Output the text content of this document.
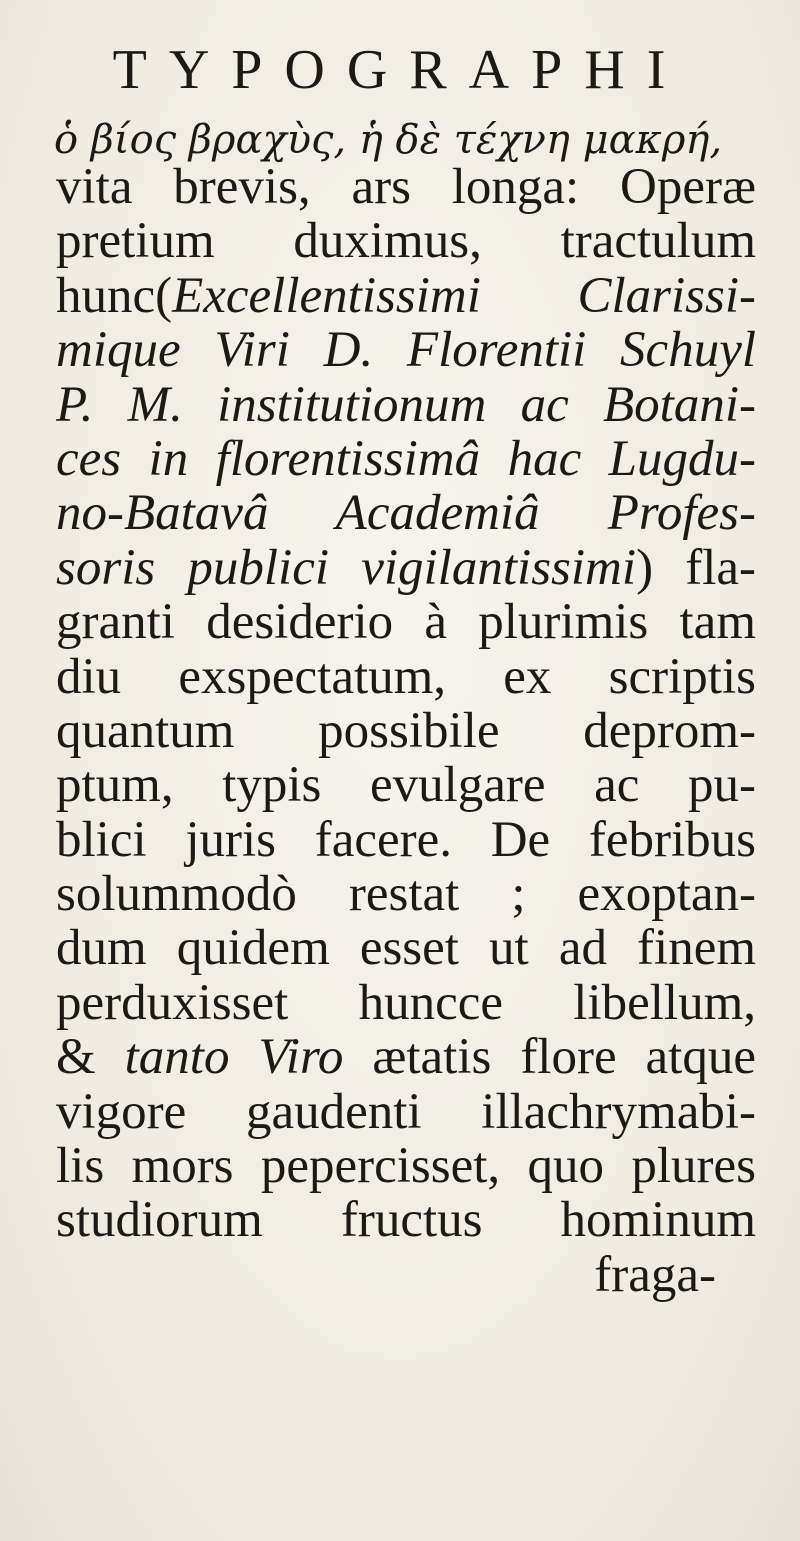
TYPOGRAPHI
ὁ βίος βραχὺς, ἡ δὲ τέχνη μακρή,
vita brevis, ars longa: Operæ
pretium duximus, tractulum
hunc(Excellentissimi Clarissi-
mique Viri D. Florentii Schuyl
P. M. institutionum ac Botani-
ces in florentissimâ hac Lugdu-
no-Batavâ Academiâ Profes-
soris publici vigilantissimi) fla-
granti desiderio à plurimis tam
diu exspectatum, ex scriptis
quantum possibile deprom-
ptum, typis evulgare ac pu-
blici juris facere. De febribus
solummodò restat ; exoptan-
dum quidem esset ut ad finem
perduxisset huncce libellum,
& tanto Viro ætatis flore atque
vigore gaudenti illachrymabi-
lis mors pepercisset, quo plures
studiorum fructus hominum
fraga-
